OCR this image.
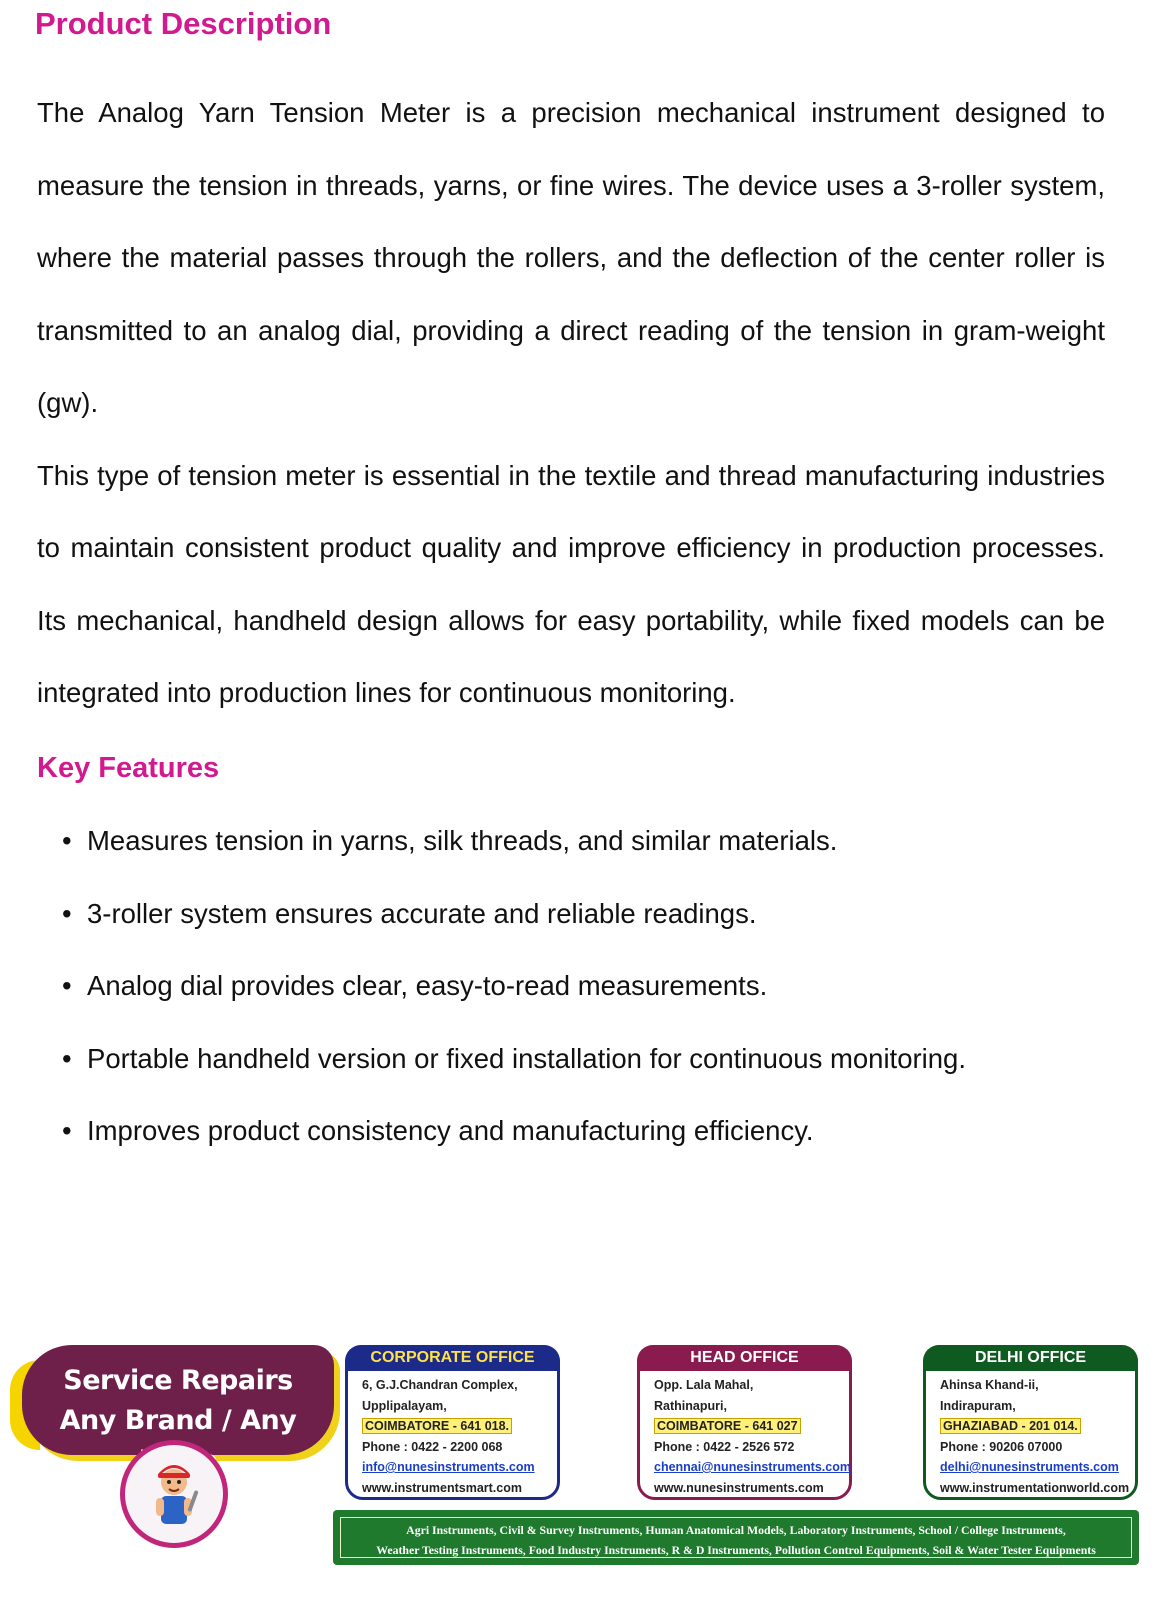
Product Description

The Analog Yarn Tension Meter is a precision mechanical instrument designed to measure the tension in threads, yarns, or fine wires. The device uses a 3-roller system, where the material passes through the rollers, and the deflection of the center roller is transmitted to an analog dial, providing a direct reading of the tension in gram-weight (gw).

This type of tension meter is essential in the textile and thread manufacturing industries to maintain consistent product quality and improve efficiency in production processes. Its mechanical, handheld design allows for easy portability, while fixed models can be integrated into production lines for continuous monitoring.

Key Features
• Measures tension in yarns, silk threads, and similar materials.
• 3-roller system ensures accurate and reliable readings.
• Analog dial provides clear, easy-to-read measurements.
• Portable handheld version or fixed installation for continuous monitoring.
• Improves product consistency and manufacturing efficiency.
Service Repairs
Any Brand / Any
CORPORATE OFFICE
6, G.J.Chandran Complex,
Upplipalayam,
COIMBATORE - 641 018.
Phone : 0422 - 2200 068
info@nunesinstruments.com
www.instrumentsmart.com
HEAD OFFICE
Opp. Lala Mahal,
Rathinapuri,
COIMBATORE - 641 027
Phone : 0422 - 2526 572
chennai@nunesinstruments.com
www.nunesinstruments.com
DELHI OFFICE
Ahinsa Khand-ii,
Indirapuram,
GHAZIABAD - 201 014.
Phone : 90206 07000
delhi@nunesinstruments.com
www.instrumentationworld.com
Agri Instruments, Civil & Survey Instruments, Human Anatomical Models, Laboratory Instruments, School / College Instruments,
Weather Testing Instruments, Food Industry Instruments, R & D Instruments, Pollution Control Equipments, Soil & Water Tester Equipments
